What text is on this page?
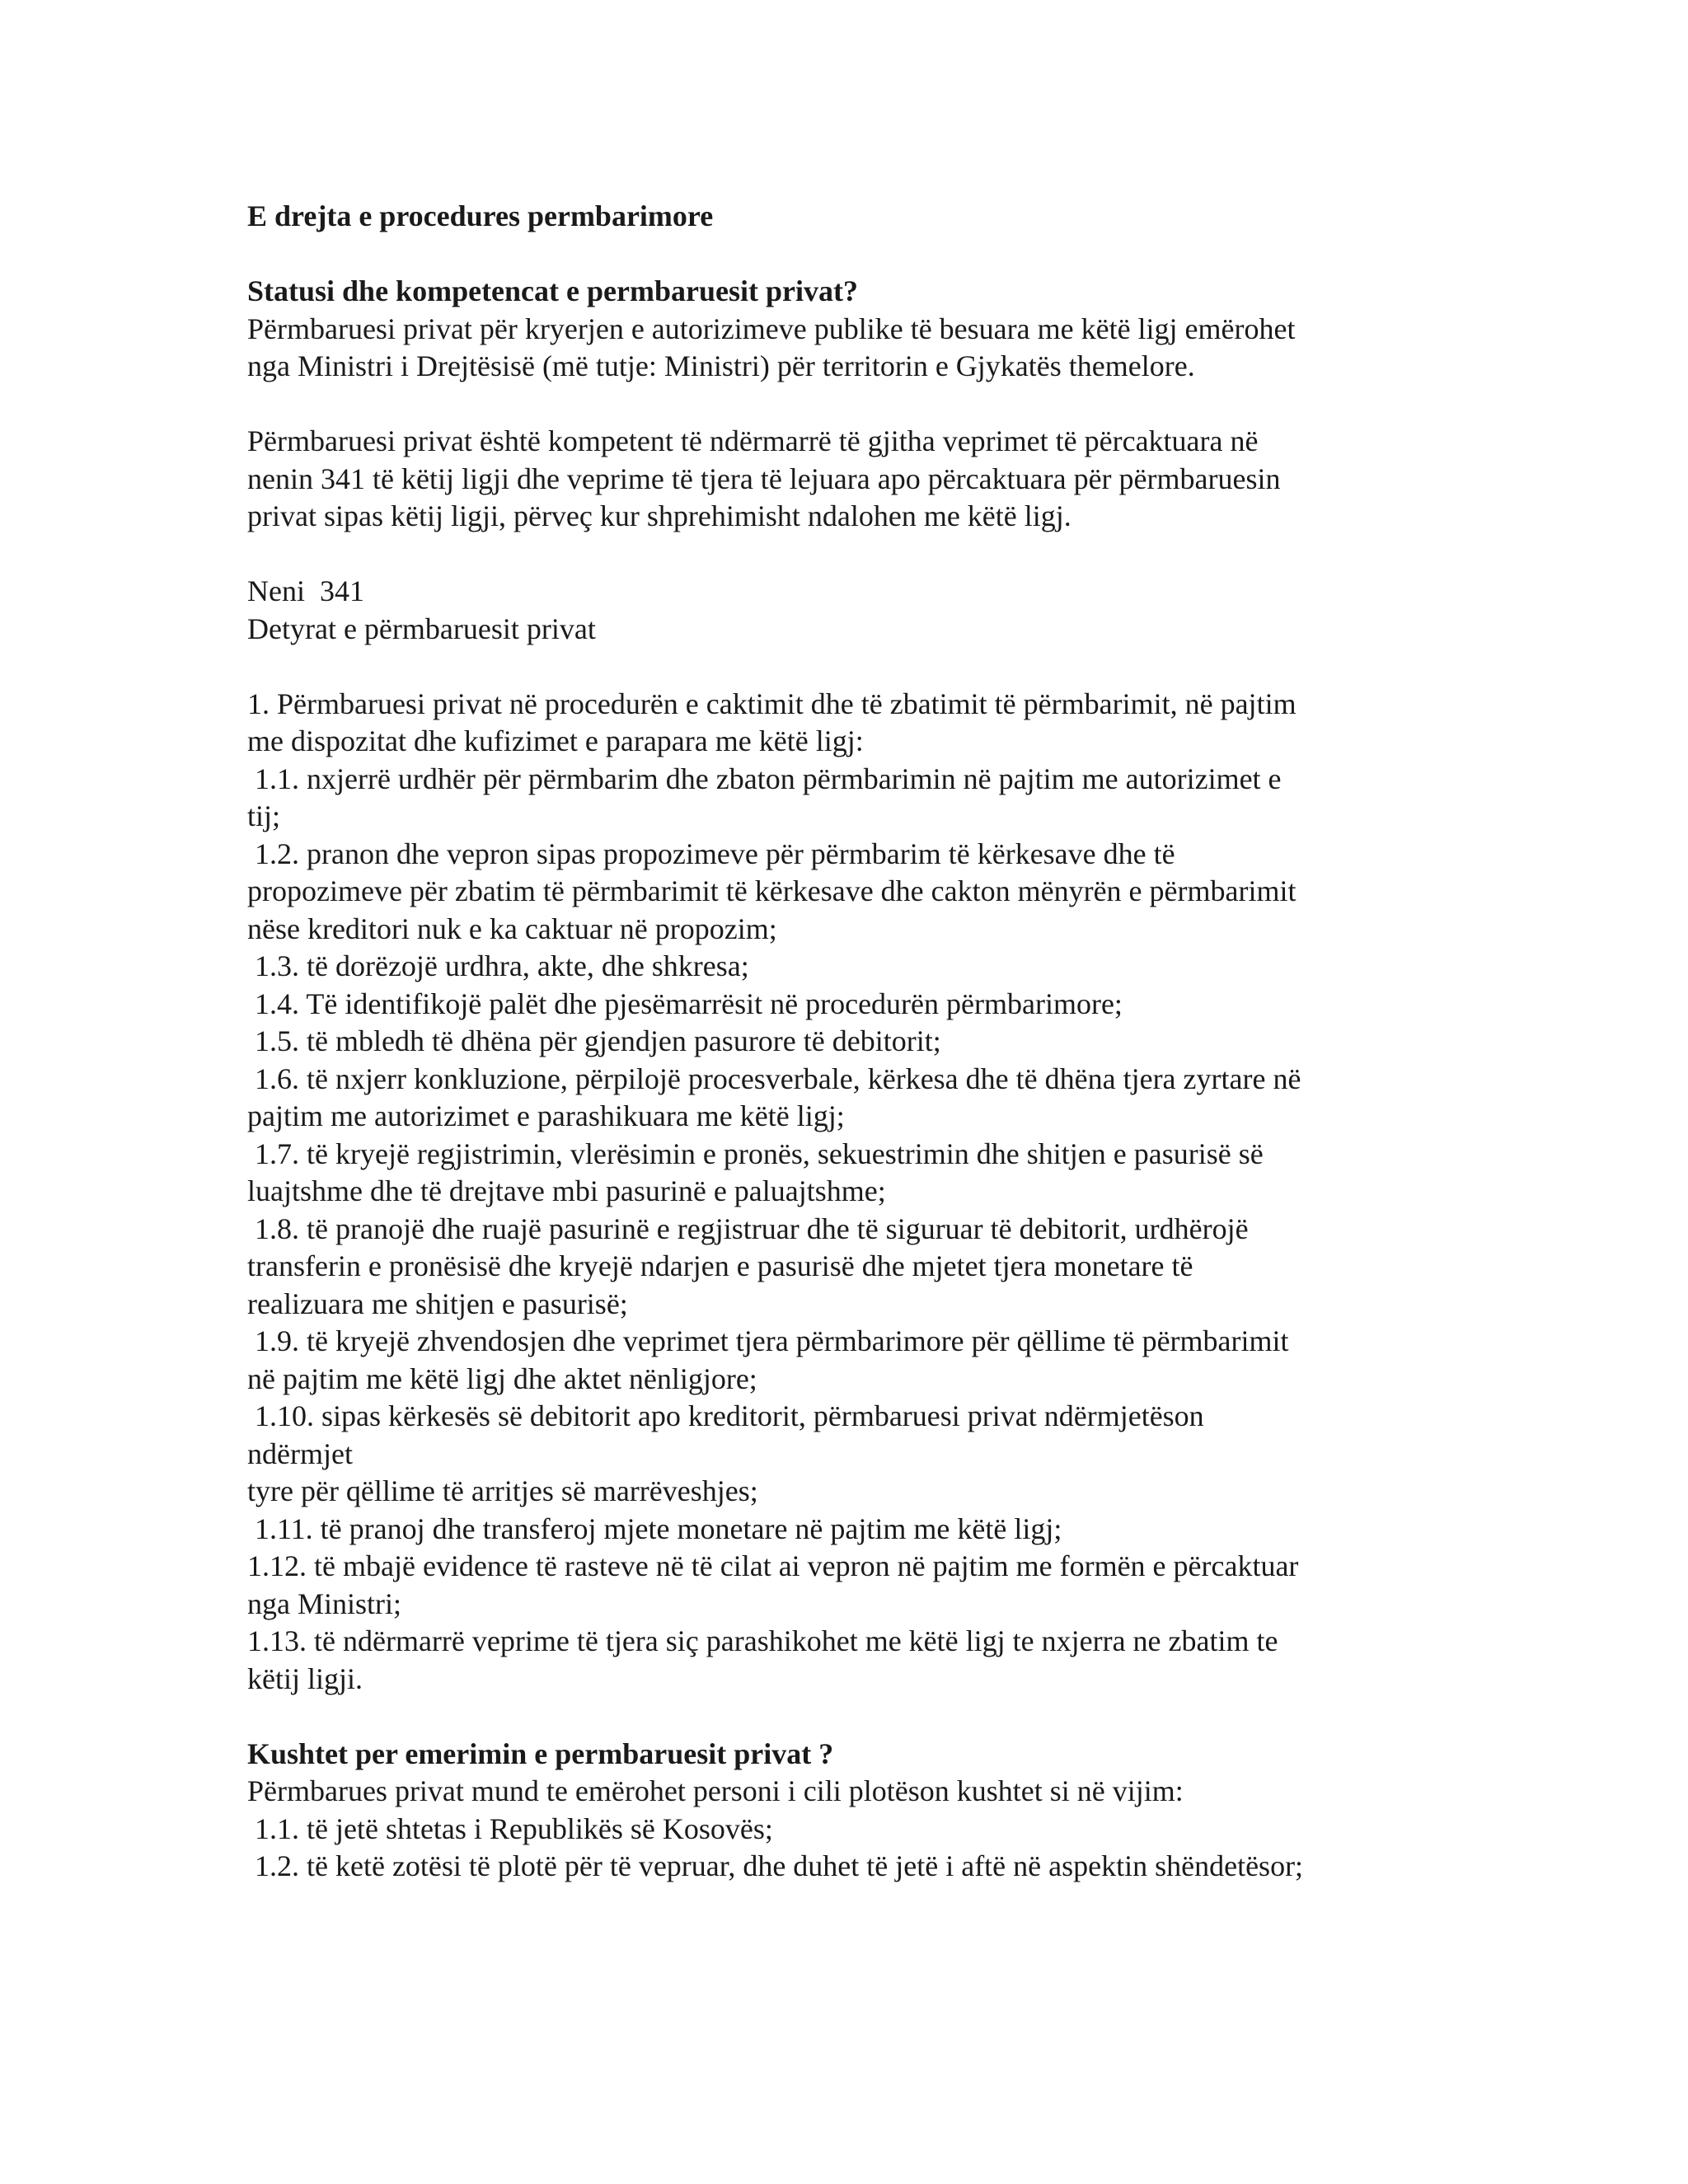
E drejta e procedures permbarimore
Statusi dhe kompetencat e permbaruesit privat?
Përmbaruesi privat për kryerjen e autorizimeve publike të besuara me këtë ligj emërohet
nga Ministri i Drejtësisë (më tutje: Ministri) për territorin e Gjykatës themelore.
Përmbaruesi privat është kompetent të ndërmarrë të gjitha veprimet të përcaktuara në
nenin 341 të këtij ligji dhe veprime të tjera të lejuara apo përcaktuara për përmbaruesin
privat sipas këtij ligji, përveç kur shprehimisht ndalohen me këtë ligj.
Neni  341
Detyrat e përmbaruesit privat
1. Përmbaruesi privat në procedurën e caktimit dhe të zbatimit të përmbarimit, në pajtim
me dispozitat dhe kufizimet e parapara me këtë ligj:
1.1. nxjerrë urdhër për përmbarim dhe zbaton përmbarimin në pajtim me autorizimet e
tij;
1.2. pranon dhe vepron sipas propozimeve për përmbarim të kërkesave dhe të
propozimeve për zbatim të përmbarimit të kërkesave dhe cakton mënyrën e përmbarimit
nëse kreditori nuk e ka caktuar në propozim;
1.3. të dorëzojë urdhra, akte, dhe shkresa;
1.4. Të identifikojë palët dhe pjesëmarrësit në procedurën përmbarimore;
1.5. të mbledh të dhëna për gjendjen pasurore të debitorit;
1.6. të nxjerr konkluzione, përpilojë procesverbale, kërkesa dhe të dhëna tjera zyrtare në
pajtim me autorizimet e parashikuara me këtë ligj;
1.7. të kryejë regjistrimin, vlerësimin e pronës, sekuestrimin dhe shitjen e pasurisë së
luajtshme dhe të drejtave mbi pasurinë e paluajtshme;
1.8. të pranojë dhe ruajë pasurinë e regjistruar dhe të siguruar të debitorit, urdhërojë
transferin e pronësisë dhe kryejë ndarjen e pasurisë dhe mjetet tjera monetare të
realizuara me shitjen e pasurisë;
1.9. të kryejë zhvendosjen dhe veprimet tjera përmbarimore për qëllime të përmbarimit
në pajtim me këtë ligj dhe aktet nënligjore;
1.10. sipas kërkesës së debitorit apo kreditorit, përmbaruesi privat ndërmjetëson
ndërmjet
tyre për qëllime të arritjes së marrëveshjes;
1.11. të pranoj dhe transferoj mjete monetare në pajtim me këtë ligj;
1.12. të mbajë evidence të rasteve në të cilat ai vepron në pajtim me formën e përcaktuar
nga Ministri;
1.13. të ndërmarrë veprime të tjera siç parashikohet me këtë ligj te nxjerra ne zbatim te
këtij ligji.
Kushtet per emerimin e permbaruesit privat ?
Përmbarues privat mund te emërohet personi i cili plotëson kushtet si në vijim:
1.1. të jetë shtetas i Republikës së Kosovës;
1.2. të ketë zotësi të plotë për të vepruar, dhe duhet të jetë i aftë në aspektin shëndetësor;
